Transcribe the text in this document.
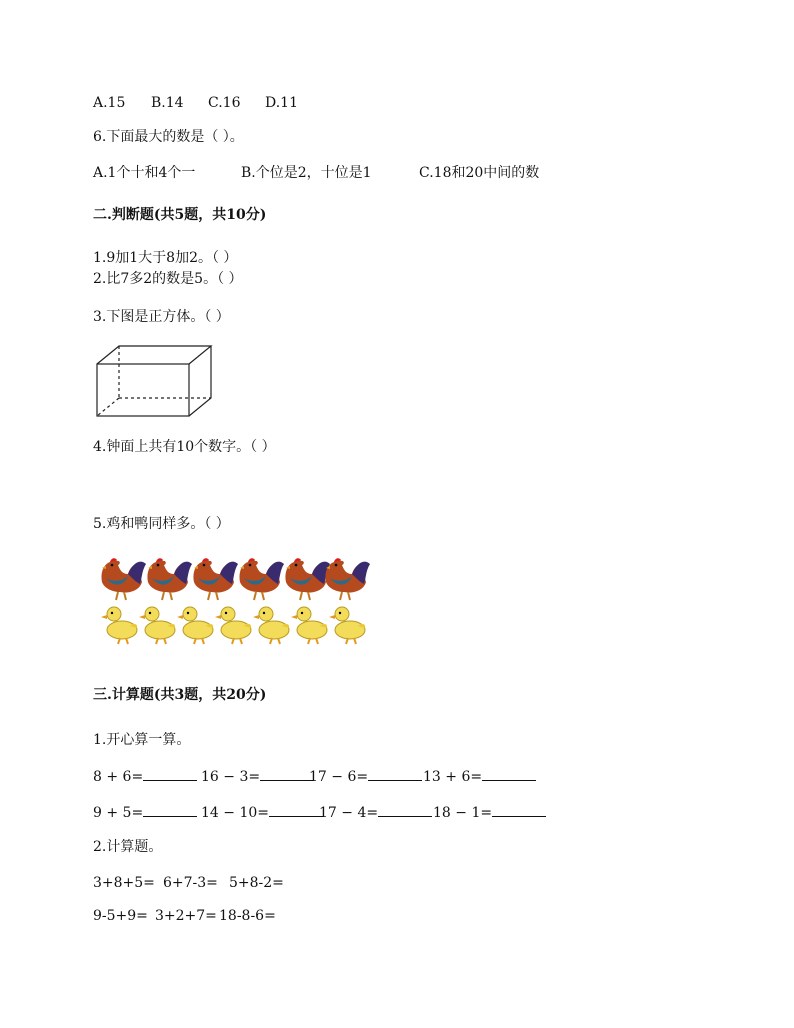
A.15 B.14 C.16 D.11
6.下面最大的数是（ ）。
A.1个十和4个一	B.个位是2，十位是1	C.18和20中间的数
二.判断题(共5题，共10分)
1.9加1大于8加2。（ ）
2.比7多2的数是5。（ ）
3.下图是正方体。（ ）
4.钟面上共有10个数字。（ ）
5.鸡和鸭同样多。（ ）
三.计算题(共3题，共20分)
1.开心算一算。
8 + 6=	16 − 3=	17 − 6=	13 + 6=
9 + 5=	14 − 10=	17 − 4=	18 − 1=
2.计算题。
3+8+5= 6+7-3= 5+8-2=
9-5+9= 3+2+7= 18-8-6=
